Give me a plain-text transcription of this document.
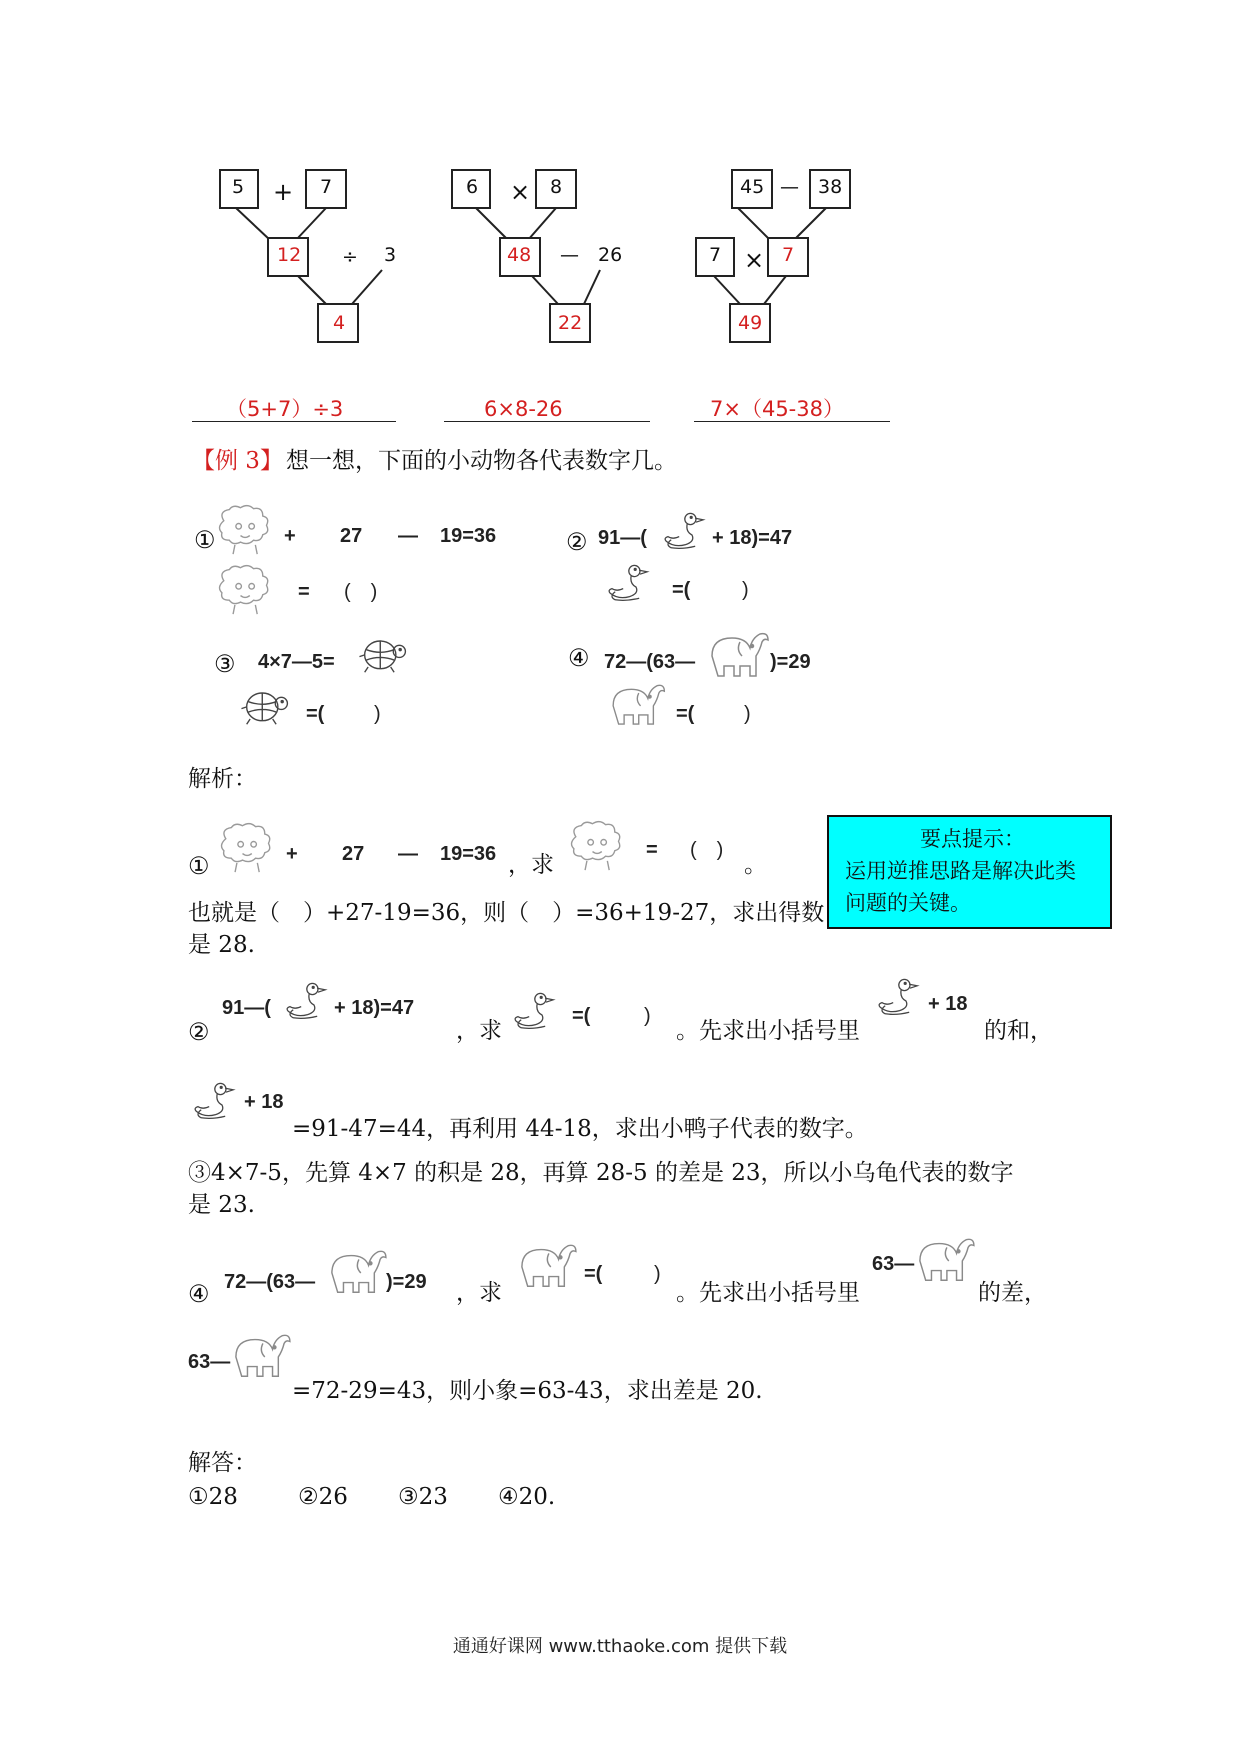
5 + 7
12 ÷ 3
4
6 × 8
48 — 26
22
45 — 38
7 × 7
49
（5+7）÷3	6×8-26	7×（45-38）
【例 3】 想一想，下面的小动物各代表数字几。
①	+ 27 — 19=36
= (　)
② 91—(	+ 18)=47
=(	)
③ 4×7—5=
=( )
④ 72—(63—	)=29
=( )
解析：
①	+ 27 — 19=36 ，求
= (　)
。
也就是（　）+27-19=36，则（　）=36+19-27，求出得数
是 28.
要点提示：
运用逆推思路是解决此类
问题的关键。
②
91—(	+ 18)=47
，求
=(	)
。先求出小括号里
+ 18
的和，
+ 18
=91-47=44，再利用 44-18，求出小鸭子代表的数字。
③4×7-5，先算 4×7 的积是 28，再算 28-5 的差是 23，所以小乌龟代表的数字
是 23.
④ 72—(63—	)=29 ，求
=(	)
。先求出小括号里
63—
的差，
63—
=72-29=43，则小象=63-43，求出差是 20.
解答：
①28	②26 ③23 ④20.
通通好课网 www.tthaoke.com 提供下载
